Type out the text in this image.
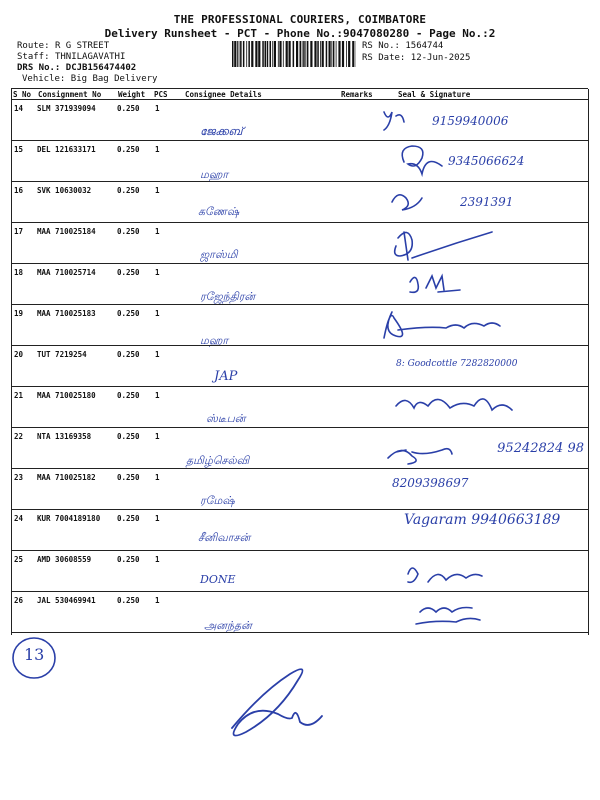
THE PROFESSIONAL COURIERS, COIMBATORE
Delivery Runsheet - PCT - Phone No.:9047080280 - Page No.:2
Route: R G STREET
Staff: THNILAGAVATHI
DRS No.: DCJB156474402
Vehicle: Big Bag Delivery
RS No.: 1564744
RS Date: 12-Jun-2025
S No Consignment No Weight PCS Consignee Details	Remarks	Seal & Signature
14 SLM 371939094	0.250 1
ജേക്കബ്
9159940006
15 DEL 121633171	0.250 1
மஹா
9345066624
16 SVK 10630032	0.250 1
கணேஷ்
2391391
17 MAA 710025184	0.250 1
ஜாஸ்மி
18 MAA 710025714	0.250 1
ரஜேந்திரன்
19 MAA 710025183	0.250 1
மஹா
20 TUT 7219254	0.250 1
JAP
8: Goodcottle 7282820000
21 MAA 710025180	0.250 1
ஸ்டீபன்
22 NTA 13169358	0.250 1
தமிழ்செல்வி
95242824 98
23 MAA 710025182	0.250 1
ரமேஷ்
8209398697
24 KUR 7004189180 0.250 1
சீனிவாசன்
Vagaram 9940663189
25 AMD 30608559	0.250 1
DONE
26 JAL 530469941	0.250 1
அனந்தன்
13
